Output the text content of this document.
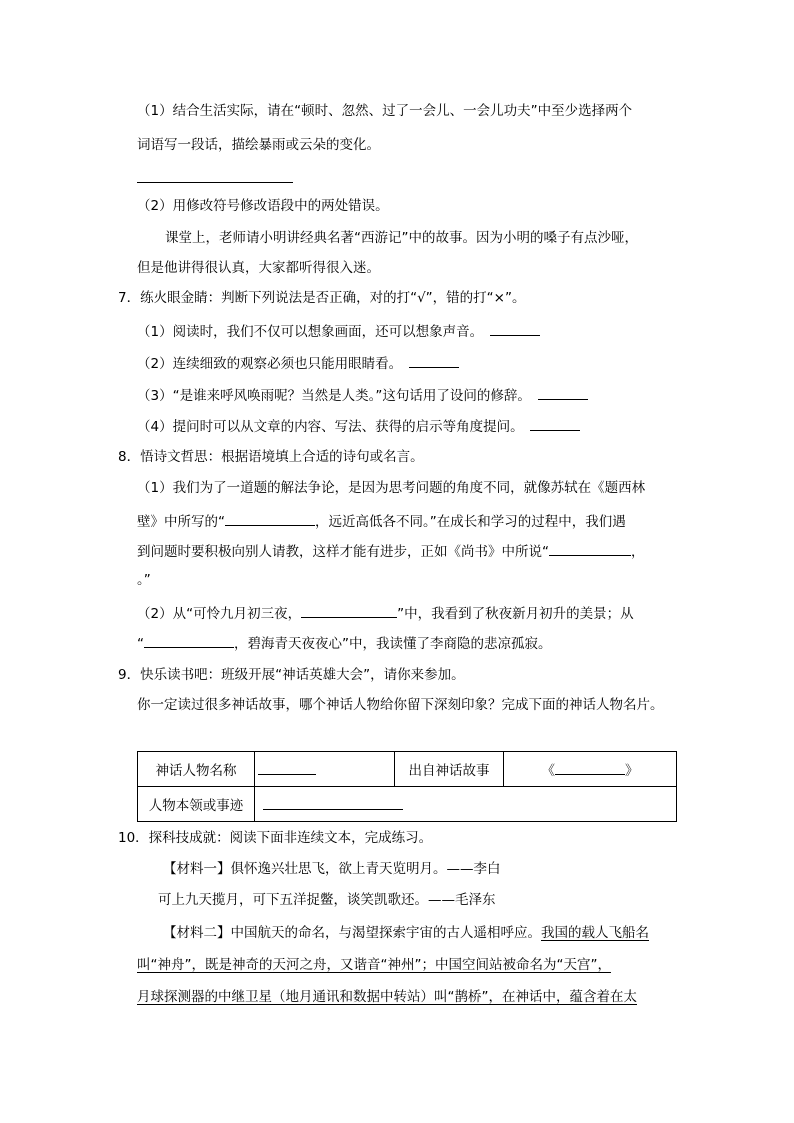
（1）结合生活实际，请在“顿时、忽然、过了一会儿、一会儿功夫”中至少选择两个
词语写一段话，描绘暴雨或云朵的变化。
（2）用修改符号修改语段中的两处错误。
课堂上，老师请小明讲经典名著“西游记”中的故事。因为小明的嗓子有点沙哑，
但是他讲得很认真，大家都听得很入迷。
7．练火眼金睛：判断下列说法是否正确，对的打“√”，错的打“×”。
（1）阅读时，我们不仅可以想象画面，还可以想象声音。　
（2）连续细致的观察必须也只能用眼睛看。　
（3）“是谁来呼风唤雨呢？当然是人类。”这句话用了设问的修辞。　
（4）提问时可以从文章的内容、写法、获得的启示等角度提问。　
8．悟诗文哲思：根据语境填上合适的诗句或名言。
（1）我们为了一道题的解法争论，是因为思考问题的角度不同，就像苏轼在《题西林
壁》中所写的“	，远近高低各不同。”在成长和学习的过程中，我们遇
到问题时要积极向别人请教，这样才能有进步，正如《尚书》中所说“	，
。”
（2）从“可怜九月初三夜，	”中，我看到了秋夜新月初升的美景；从
“	，碧海青天夜夜心”中，我读懂了李商隐的悲凉孤寂。
9．快乐读书吧：班级开展“神话英雄大会”，请你来参加。
你一定读过很多神话故事，哪个神话人物给你留下深刻印象？完成下面的神话人物名片。
神话人物名称		出自神话故事	《 》
人物本领或事迹			
10．探科技成就：阅读下面非连续文本，完成练习。
【材料一】俱怀逸兴壮思飞，欲上青天览明月。——李白
可上九天揽月，可下五洋捉鳖，谈笑凯歌还。——毛泽东
【材料二】中国航天的命名，与渴望探索宇宙的古人遥相呼应。我国的载人飞船名
叫“神舟”，既是神奇的天河之舟，又谐音“神州”；中国空间站被命名为“天宫”，
月球探测器的中继卫星（地月通讯和数据中转站）叫“鹊桥”，在神话中，蕴含着在太
